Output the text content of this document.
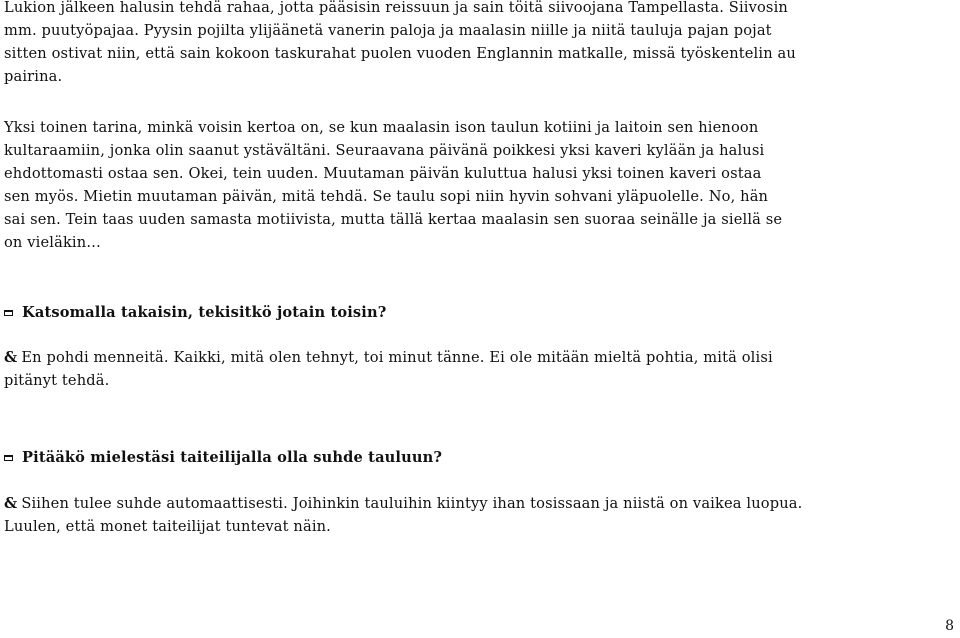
Lukion jälkeen halusin tehdä rahaa, jotta pääsisin reissuun ja sain töitä siivoojana Tampellasta. Siivosin
mm. puutyöpajaa. Pyysin pojilta ylijäänetä vanerin paloja ja maalasin niille ja niitä tauluja pajan pojat
sitten ostivat niin, että sain kokoon taskurahat puolen vuoden Englannin matkalle, missä työskentelin au
pairina.
Yksi toinen tarina, minkä voisin kertoa on, se kun maalasin ison taulun kotiini ja laitoin sen hienoon
kultaraamiin, jonka olin saanut ystävältäni. Seuraavana päivänä poikkesi yksi kaveri kylään ja halusi
ehdottomasti ostaa sen. Okei, tein uuden. Muutaman päivän kuluttua halusi yksi toinen kaveri ostaa
sen myös. Mietin muutaman päivän, mitä tehdä. Se taulu sopi niin hyvin sohvani yläpuolelle. No, hän
sai sen. Tein taas uuden samasta motiivista, mutta tällä kertaa maalasin sen suoraa seinälle ja siellä se
on vieläkin…
Katsomalla takaisin, tekisitkö jotain toisin?
& En pohdi menneitä. Kaikki, mitä olen tehnyt, toi minut tänne. Ei ole mitään mieltä pohtia, mitä olisi
pitänyt tehdä.
Pitääkö mielestäsi taiteilijalla olla suhde tauluun?
& Siihen tulee suhde automaattisesti. Joihinkin tauluihin kiintyy ihan tosissaan ja niistä on vaikea luopua.
Luulen, että monet taiteilijat tuntevat näin.
8
